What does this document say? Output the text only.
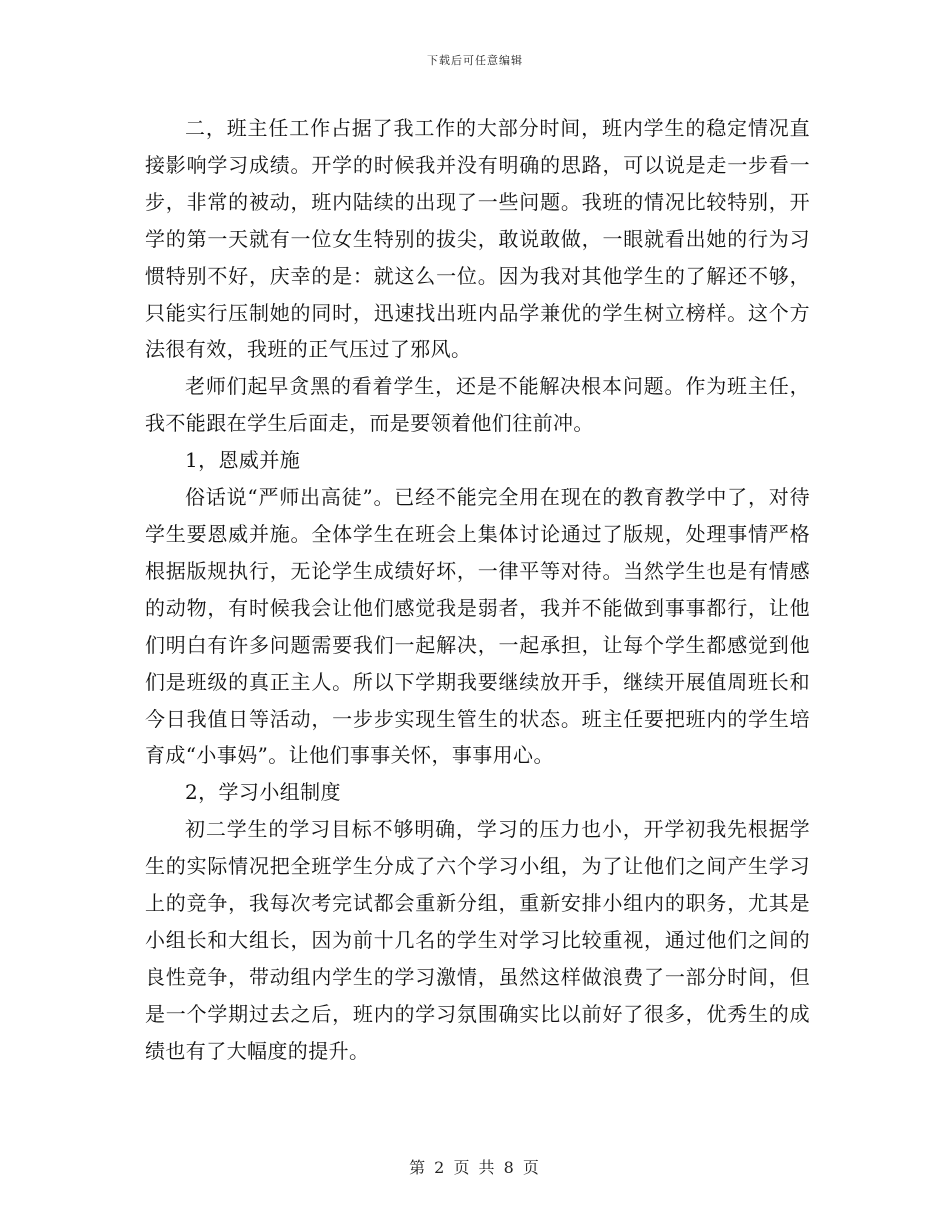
下载后可任意编辑

二，班主任工作占据了我工作的大部分时间，班内学生的稳定情况直接影响学习成绩。开学的时候我并没有明确的思路，可以说是走一步看一步，非常的被动，班内陆续的出现了一些问题。我班的情况比较特别，开学的第一天就有一位女生特别的拔尖，敢说敢做，一眼就看出她的行为习惯特别不好，庆幸的是：就这么一位。因为我对其他学生的了解还不够，只能实行压制她的同时，迅速找出班内品学兼优的学生树立榜样。这个方法很有效，我班的正气压过了邪风。

老师们起早贪黑的看着学生，还是不能解决根本问题。作为班主任，我不能跟在学生后面走，而是要领着他们往前冲。

1，恩威并施

俗话说“严师出高徒”。已经不能完全用在现在的教育教学中了，对待学生要恩威并施。全体学生在班会上集体讨论通过了版规，处理事情严格根据版规执行，无论学生成绩好坏，一律平等对待。当然学生也是有情感的动物，有时候我会让他们感觉我是弱者，我并不能做到事事都行，让他们明白有许多问题需要我们一起解决，一起承担，让每个学生都感觉到他们是班级的真正主人。所以下学期我要继续放开手，继续开展值周班长和今日我值日等活动，一步步实现生管生的状态。班主任要把班内的学生培育成“小事妈”。让他们事事关怀，事事用心。

2，学习小组制度

初二学生的学习目标不够明确，学习的压力也小，开学初我先根据学生的实际情况把全班学生分成了六个学习小组，为了让他们之间产生学习上的竞争，我每次考完试都会重新分组，重新安排小组内的职务，尤其是小组长和大组长，因为前十几名的学生对学习比较重视，通过他们之间的良性竞争，带动组内学生的学习激情，虽然这样做浪费了一部分时间，但是一个学期过去之后，班内的学习氛围确实比以前好了很多，优秀生的成绩也有了大幅度的提升。

第 2 页 共 8 页
